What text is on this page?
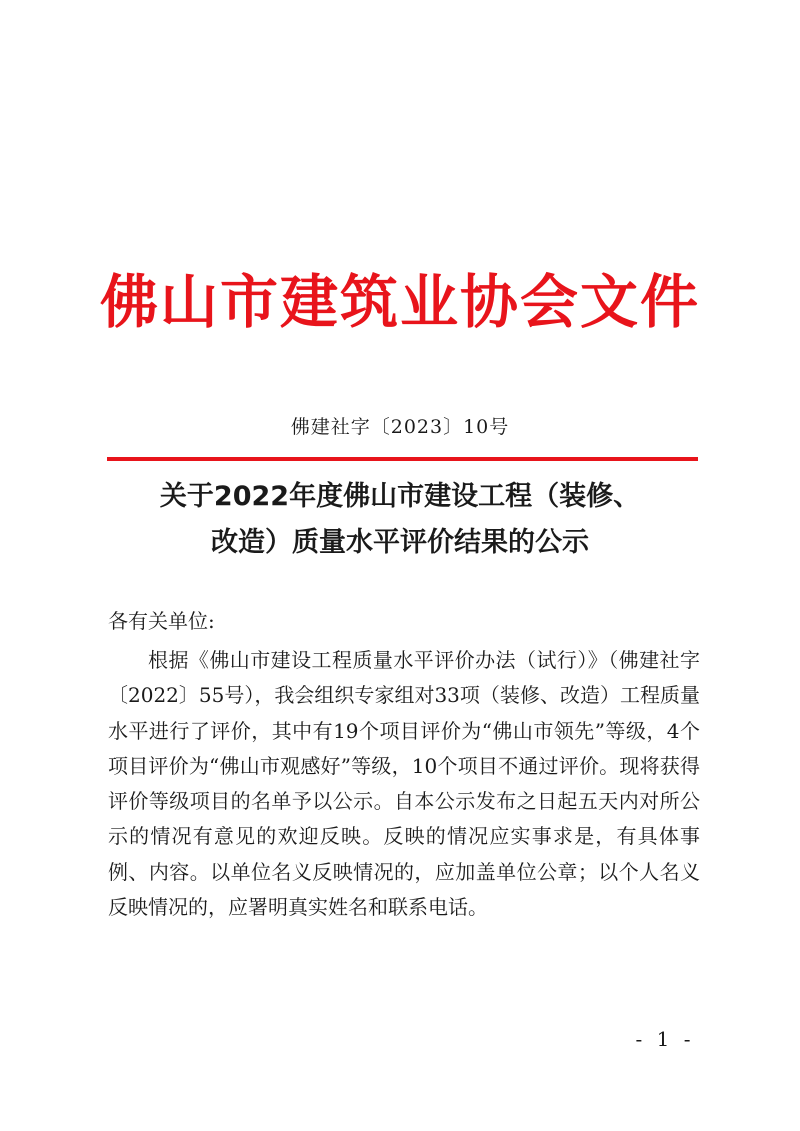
佛山市建筑业协会文件
佛建社字〔2023〕10号
关于2022年度佛山市建设工程（装修、
改造）质量水平评价结果的公示
各有关单位:
根据《佛山市建设工程质量水平评价办法（试行）》（佛建社字〔2022〕55号），我会组织专家组对33项（装修、改造）工程质量水平进行了评价，其中有19个项目评价为“佛山市领先”等级，4个项目评价为“佛山市观感好”等级，10个项目不通过评价。现将获得评价等级项目的名单予以公示。自本公示发布之日起五天内对所公示的情况有意见的欢迎反映。反映的情况应实事求是，有具体事例、内容。以单位名义反映情况的，应加盖单位公章；以个人名义反映情况的，应署明真实姓名和联系电话。
- 1 -
